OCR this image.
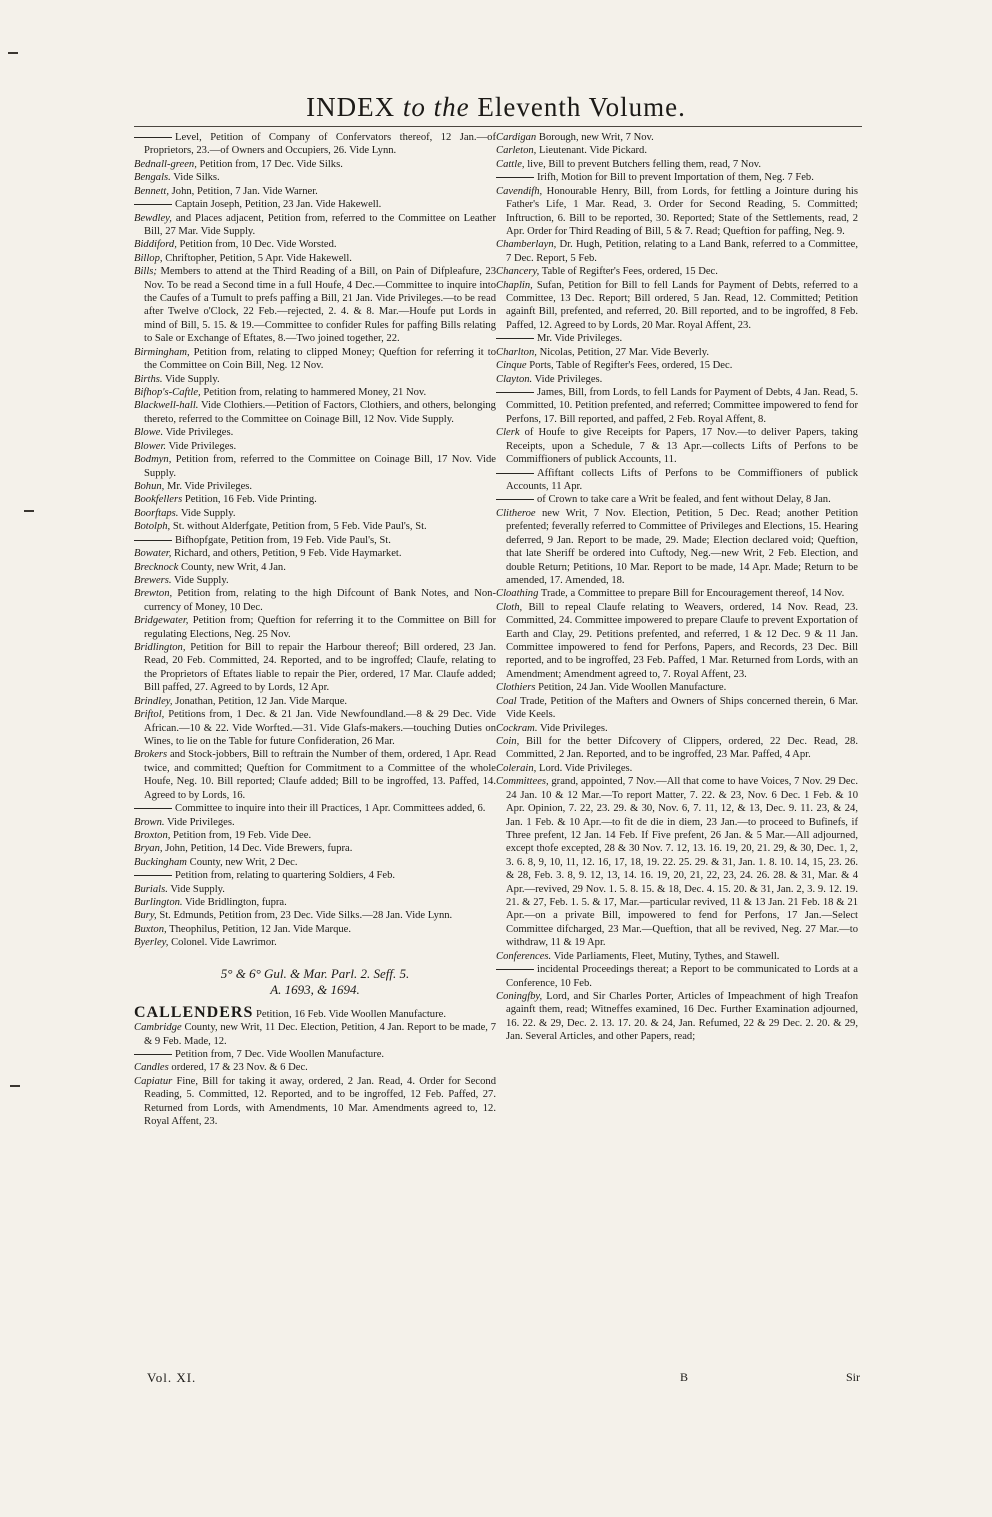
INDEX to the Eleventh Volume.

Level, Petition of Company of Confervators thereof, 12 Jan.—of Proprietors, 23.—of Owners and Occupiers, 26. Vide Lynn.

Bednall-green, Petition from, 17 Dec. Vide Silks.

Bengals. Vide Silks.

Bennett, John, Petition, 7 Jan. Vide Warner.

Captain Joseph, Petition, 23 Jan. Vide Hakewell.

Bewdley, and Places adjacent, Petition from, referred to the Committee on Leather Bill, 27 Mar. Vide Supply.

Biddiford, Petition from, 10 Dec. Vide Worsted.

Billop, Chriftopher, Petition, 5 Apr. Vide Hakewell.

Bills; Members to attend at the Third Reading of a Bill, on Pain of Difpleafure, 23 Nov. To be read a Second time in a full Houfe, 4 Dec.—Committee to inquire into the Caufes of a Tumult to prefs paffing a Bill, 21 Jan. Vide Privileges.—to be read after Twelve o'Clock, 22 Feb.—rejected, 2. 4. & 8. Mar.—Houfe put Lords in mind of Bill, 5. 15. & 19.—Committee to confider Rules for paffing Bills relating to Sale or Exchange of Eftates, 8.—Two joined together, 22.

Birmingham, Petition from, relating to clipped Money; Queftion for referring it to the Committee on Coin Bill, Neg. 12 Nov.

Births. Vide Supply.

Bifhop's-Caftle, Petition from, relating to hammered Money, 21 Nov.

Blackwell-hall. Vide Clothiers.—Petition of Factors, Clothiers, and others, belonging thereto, referred to the Committee on Coinage Bill, 12 Nov. Vide Supply.

Blowe. Vide Privileges.

Blower. Vide Privileges.

Bodmyn, Petition from, referred to the Committee on Coinage Bill, 17 Nov. Vide Supply.

Bohun, Mr. Vide Privileges.

Bookfellers Petition, 16 Feb. Vide Printing.

Boorftaps. Vide Supply.

Botolph, St. without Alderfgate, Petition from, 5 Feb. Vide Paul's, St.

Bifhopfgate, Petition from, 19 Feb. Vide Paul's, St.

Bowater, Richard, and others, Petition, 9 Feb. Vide Haymarket.

Brecknock County, new Writ, 4 Jan.

Brewers. Vide Supply.

Brewton, Petition from, relating to the high Difcount of Bank Notes, and Non-currency of Money, 10 Dec.

Bridgewater, Petition from; Queftion for referring it to the Committee on Bill for regulating Elections, Neg. 25 Nov.

Bridlington, Petition for Bill to repair the Harbour thereof; Bill ordered, 23 Jan. Read, 20 Feb. Committed, 24. Reported, and to be ingroffed; Claufe, relating to the Proprietors of Eftates liable to repair the Pier, ordered, 17 Mar. Claufe added; Bill paffed, 27. Agreed to by Lords, 12 Apr.

Brindley, Jonathan, Petition, 12 Jan. Vide Marque.

Briftol, Petitions from, 1 Dec. & 21 Jan. Vide Newfoundland.—8 & 29 Dec. Vide African.—10 & 22. Vide Worfted.—31. Vide Glafs-makers.—touching Duties on Wines, to lie on the Table for future Confideration, 26 Mar.

Brokers and Stock-jobbers, Bill to reftrain the Number of them, ordered, 1 Apr. Read twice, and committed; Queftion for Commitment to a Committee of the whole Houfe, Neg. 10. Bill reported; Claufe added; Bill to be ingroffed, 13. Paffed, 14. Agreed to by Lords, 16.

Committee to inquire into their ill Practices, 1 Apr. Committees added, 6.

Brown. Vide Privileges.

Broxton, Petition from, 19 Feb. Vide Dee.

Bryan, John, Petition, 14 Dec. Vide Brewers, fupra.

Buckingham County, new Writ, 2 Dec.

Petition from, relating to quartering Soldiers, 4 Feb.

Burials. Vide Supply.

Burlington. Vide Bridlington, fupra.

Bury, St. Edmunds, Petition from, 23 Dec. Vide Silks.—28 Jan. Vide Lynn.

Buxton, Theophilus, Petition, 12 Jan. Vide Marque.

Byerley, Colonel. Vide Lawrimor.

5° & 6° Gul. & Mar. Parl. 2. Seff. 5.
A. 1693, & 1694.

CALLENDERS Petition, 16 Feb. Vide Woollen Manufacture.

Cambridge County, new Writ, 11 Dec. Election, Petition, 4 Jan. Report to be made, 7 & 9 Feb. Made, 12.

Petition from, 7 Dec. Vide Woollen Manufacture.

Candles ordered, 17 & 23 Nov. & 6 Dec.

Capiatur Fine, Bill for taking it away, ordered, 2 Jan. Read, 4. Order for Second Reading, 5. Committed, 12. Reported, and to be ingroffed, 12 Feb. Paffed, 27. Returned from Lords, with Amendments, 10 Mar. Amendments agreed to, 12. Royal Affent, 23.

Cardigan Borough, new Writ, 7 Nov.

Carleton, Lieutenant. Vide Pickard.

Cattle, live, Bill to prevent Butchers felling them, read, 7 Nov.

Irifh, Motion for Bill to prevent Importation of them, Neg. 7 Feb.

Cavendifh, Honourable Henry, Bill, from Lords, for fettling a Jointure during his Father's Life, 1 Mar. Read, 3. Order for Second Reading, 5. Committed; Inftruction, 6. Bill to be reported, 30. Reported; State of the Settlements, read, 2 Apr. Order for Third Reading of Bill, 5 & 7. Read; Queftion for paffing, Neg. 9.

Chamberlayn, Dr. Hugh, Petition, relating to a Land Bank, referred to a Committee, 7 Dec. Report, 5 Feb.

Chancery, Table of Regifter's Fees, ordered, 15 Dec.

Chaplin, Sufan, Petition for Bill to fell Lands for Payment of Debts, referred to a Committee, 13 Dec. Report; Bill ordered, 5 Jan. Read, 12. Committed; Petition againft Bill, prefented, and referred, 20. Bill reported, and to be ingroffed, 8 Feb. Paffed, 12. Agreed to by Lords, 20 Mar. Royal Affent, 23.

Mr. Vide Privileges.

Charlton, Nicolas, Petition, 27 Mar. Vide Beverly.

Cinque Ports, Table of Regifter's Fees, ordered, 15 Dec.

Clayton. Vide Privileges.

James, Bill, from Lords, to fell Lands for Payment of Debts, 4 Jan. Read, 5. Committed, 10. Petition prefented, and referred; Committee impowered to fend for Perfons, 17. Bill reported, and paffed, 2 Feb. Royal Affent, 8.

Clerk of Houfe to give Receipts for Papers, 17 Nov.—to deliver Papers, taking Receipts, upon a Schedule, 7 & 13 Apr.—collects Lifts of Perfons to be Commiffioners of publick Accounts, 11.

Affiftant collects Lifts of Perfons to be Commiffioners of publick Accounts, 11 Apr.

of Crown to take care a Writ be fealed, and fent without Delay, 8 Jan.

Clitheroe new Writ, 7 Nov. Election, Petition, 5 Dec. Read; another Petition prefented; feverally referred to Committee of Privileges and Elections, 15. Hearing deferred, 9 Jan. Report to be made, 29. Made; Election declared void; Queftion, that late Sheriff be ordered into Cuftody, Neg.—new Writ, 2 Feb. Election, and double Return; Petitions, 10 Mar. Report to be made, 14 Apr. Made; Return to be amended, 17. Amended, 18.

Cloathing Trade, a Committee to prepare Bill for Encouragement thereof, 14 Nov.

Cloth, Bill to repeal Claufe relating to Weavers, ordered, 14 Nov. Read, 23. Committed, 24. Committee impowered to prepare Claufe to prevent Exportation of Earth and Clay, 29. Petitions prefented, and referred, 1 & 12 Dec. 9 & 11 Jan. Committee impowered to fend for Perfons, Papers, and Records, 23 Dec. Bill reported, and to be ingroffed, 23 Feb. Paffed, 1 Mar. Returned from Lords, with an Amendment; Amendment agreed to, 7. Royal Affent, 23.

Clothiers Petition, 24 Jan. Vide Woollen Manufacture.

Coal Trade, Petition of the Mafters and Owners of Ships concerned therein, 6 Mar. Vide Keels.

Cockram. Vide Privileges.

Coin, Bill for the better Difcovery of Clippers, ordered, 22 Dec. Read, 28. Committed, 2 Jan. Reported, and to be ingroffed, 23 Mar. Paffed, 4 Apr.

Colerain, Lord. Vide Privileges.

Committees, grand, appointed, 7 Nov.—All that come to have Voices, 7 Nov. 29 Dec. 24 Jan. 10 & 12 Mar.—To report Matter, 7. 22. & 23, Nov. 6 Dec. 1 Feb. & 10 Apr. Opinion, 7. 22, 23. 29. & 30, Nov. 6, 7. 11, 12, & 13, Dec. 9. 11. 23, & 24, Jan. 1 Feb. & 10 Apr.—to fit de die in diem, 23 Jan.—to proceed to Bufinefs, if Three prefent, 12 Jan. 14 Feb. If Five prefent, 26 Jan. & 5 Mar.—All adjourned, except thofe excepted, 28 & 30 Nov. 7. 12, 13. 16. 19, 20, 21. 29, & 30, Dec. 1, 2, 3. 6. 8, 9, 10, 11, 12. 16, 17, 18, 19. 22. 25. 29. & 31, Jan. 1. 8. 10. 14, 15, 23. 26. & 28, Feb. 3. 8, 9. 12, 13, 14. 16. 19, 20, 21, 22, 23, 24. 26. 28. & 31, Mar. & 4 Apr.—revived, 29 Nov. 1. 5. 8. 15. & 18, Dec. 4. 15. 20. & 31, Jan. 2, 3. 9. 12. 19. 21. & 27, Feb. 1. 5. & 17, Mar.—particular revived, 11 & 13 Jan. 21 Feb. 18 & 21 Apr.—on a private Bill, impowered to fend for Perfons, 17 Jan.—Select Committee difcharged, 23 Mar.—Queftion, that all be revived, Neg. 27 Mar.—to withdraw, 11 & 19 Apr.

Conferences. Vide Parliaments, Fleet, Mutiny, Tythes, and Stawell.

incidental Proceedings thereat; a Report to be communicated to Lords at a Conference, 10 Feb.

Coningfby, Lord, and Sir Charles Porter, Articles of Impeachment of high Treafon againft them, read; Witneffes examined, 16 Dec. Further Examination adjourned, 16. 22. & 29, Dec. 2. 13. 17. 20. & 24, Jan. Refumed, 22 & 29 Dec. 2. 20. & 29, Jan. Several Articles, and other Papers, read;

Vol. XI.	B	Sir
